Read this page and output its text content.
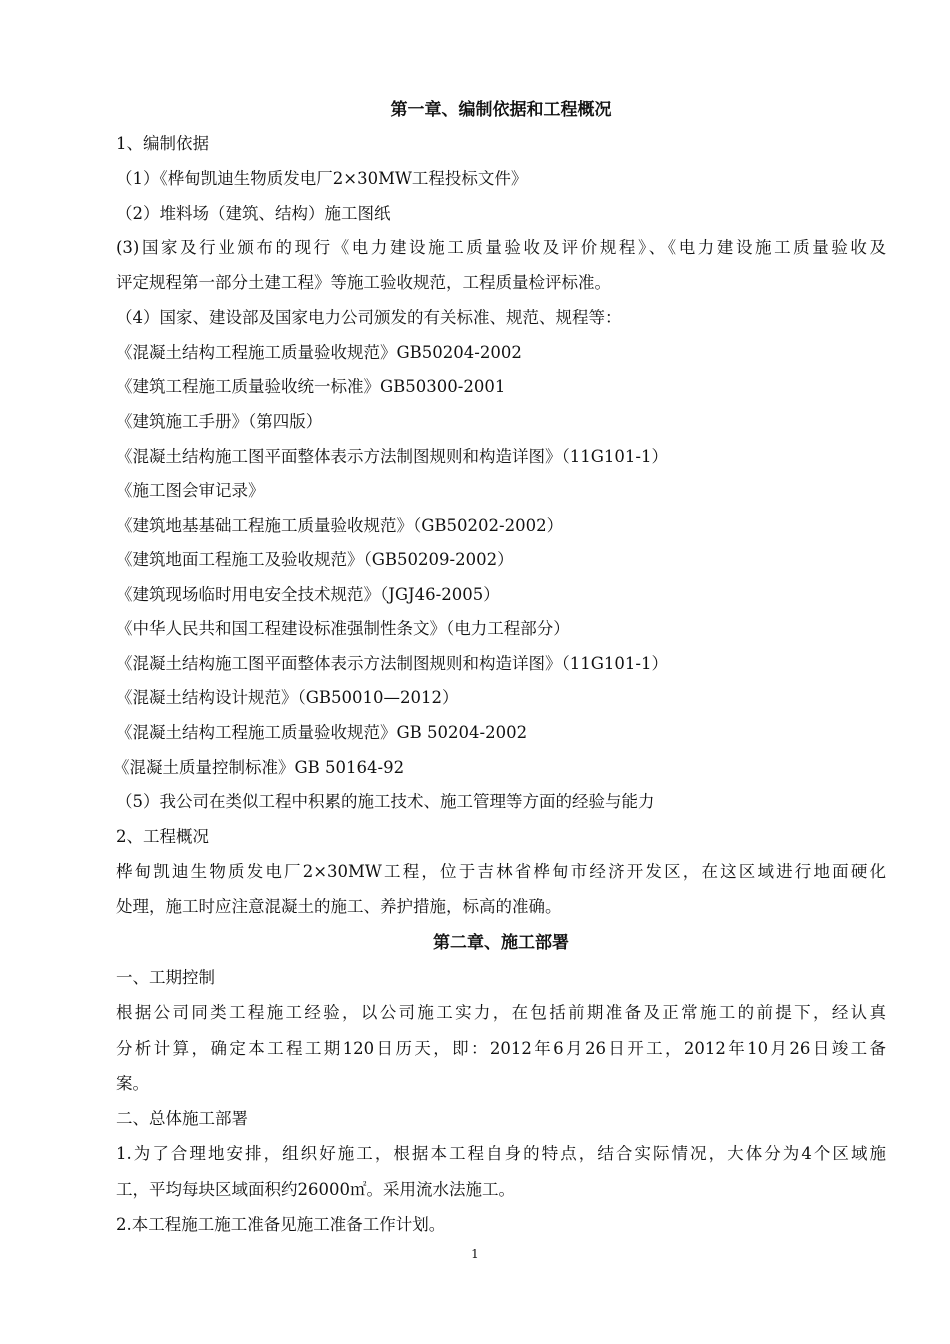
第一章、编制依据和工程概况
1、编制依据
（1）《桦甸凯迪生物质发电厂2×30MW工程投标文件》
（2）堆料场（建筑、结构）施工图纸
(3)国家及行业颁布的现行《电力建设施工质量验收及评价规程》、《电力建设施工质量验收及
评定规程第一部分土建工程》等施工验收规范，工程质量检评标准。
（4）国家、建设部及国家电力公司颁发的有关标准、规范、规程等：
《混凝土结构工程施工质量验收规范》GB50204-2002
《建筑工程施工质量验收统一标准》GB50300-2001
《建筑施工手册》（第四版）
《混凝土结构施工图平面整体表示方法制图规则和构造详图》（11G101-1）
《施工图会审记录》
《建筑地基基础工程施工质量验收规范》（GB50202-2002）
《建筑地面工程施工及验收规范》（GB50209-2002）
《建筑现场临时用电安全技术规范》（JGJ46-2005）
《中华人民共和国工程建设标准强制性条文》（电力工程部分）
《混凝土结构施工图平面整体表示方法制图规则和构造详图》（11G101-1）
《混凝土结构设计规范》（GB50010—2012）
《混凝土结构工程施工质量验收规范》GB 50204-2002
《混凝土质量控制标准》GB 50164-92
（5）我公司在类似工程中积累的施工技术、施工管理等方面的经验与能力
2、工程概况
桦甸凯迪生物质发电厂2×30MW工程，位于吉林省桦甸市经济开发区，在这区域进行地面硬化
处理，施工时应注意混凝土的施工、养护措施，标高的准确。
第二章、施工部署
一、工期控制
根据公司同类工程施工经验，以公司施工实力，在包括前期准备及正常施工的前提下，经认真
分析计算，确定本工程工期120日历天，即：2012年6月26日开工，2012年10月26日竣工备
案。
二、总体施工部署
1.为了合理地安排，组织好施工，根据本工程自身的特点，结合实际情况，大体分为4个区域施
工，平均每块区域面积约26000㎡。采用流水法施工。
2.本工程施工施工准备见施工准备工作计划。
1
